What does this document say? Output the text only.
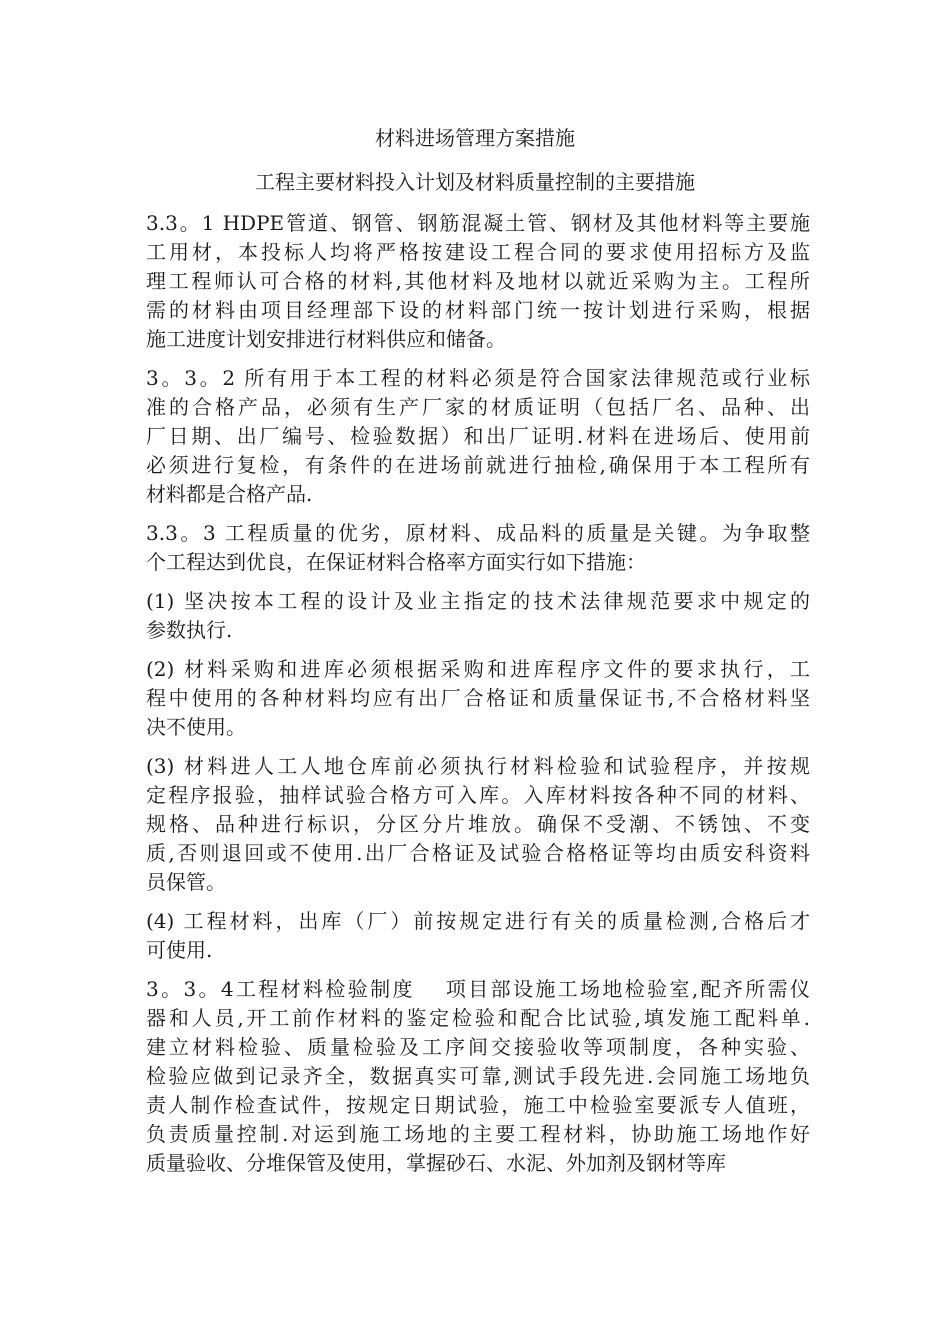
材料进场管理方案措施
工程主要材料投入计划及材料质量控制的主要措施
3.3。1 HDPE管道、钢管、钢筋混凝土管、钢材及其他材料等主要施
工用材，本投标人均将严格按建设工程合同的要求使用招标方及监
理工程师认可合格的材料,其他材料及地材以就近采购为主。工程所
需的材料由项目经理部下设的材料部门统一按计划进行采购，根据
施工进度计划安排进行材料供应和储备。
3。3。2 所有用于本工程的材料必须是符合国家法律规范或行业标
准的合格产品，必须有生产厂家的材质证明（包括厂名、品种、出
厂日期、出厂编号、检验数据）和出厂证明.材料在进场后、使用前
必须进行复检，有条件的在进场前就进行抽检,确保用于本工程所有
材料都是合格产品.
3.3。3 工程质量的优劣，原材料、成品料的质量是关键。为争取整
个工程达到优良，在保证材料合格率方面实行如下措施：
(1) 坚决按本工程的设计及业主指定的技术法律规范要求中规定的
参数执行.
(2) 材料采购和进库必须根据采购和进库程序文件的要求执行，工
程中使用的各种材料均应有出厂合格证和质量保证书,不合格材料坚
决不使用。
(3) 材料进人工人地仓库前必须执行材料检验和试验程序，并按规
定程序报验，抽样试验合格方可入库。入库材料按各种不同的材料、
规格、品种进行标识，分区分片堆放。确保不受潮、不锈蚀、不变
质,否则退回或不使用.出厂合格证及试验合格格证等均由质安科资料
员保管。
(4) 工程材料，出库（厂）前按规定进行有关的质量检测,合格后才
可使用.
3。3。4工程材料检验制度　 项目部设施工场地检验室,配齐所需仪
器和人员,开工前作材料的鉴定检验和配合比试验,填发施工配料单.
建立材料检验、质量检验及工序间交接验收等项制度，各种实验、
检验应做到记录齐全，数据真实可靠,测试手段先进.会同施工场地负
责人制作检查试件，按规定日期试验，施工中检验室要派专人值班，
负责质量控制.对运到施工场地的主要工程材料，协助施工场地作好
质量验收、分堆保管及使用，掌握砂石、水泥、外加剂及钢材等库
